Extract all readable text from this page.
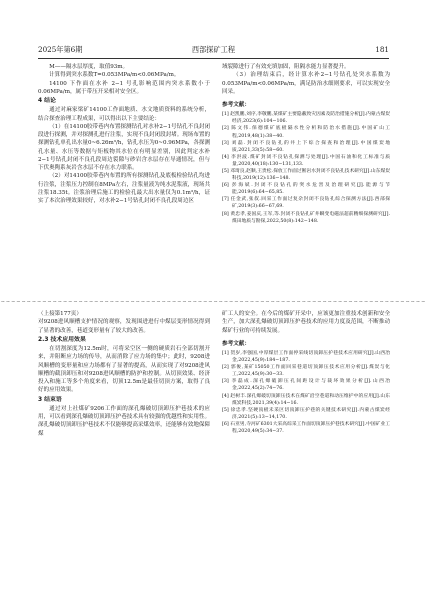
2025年第6期	西部探矿工程	181

M——隔水层厚度，取值93m。

计算得到突水系数T=0.053MPa/m<0.06MPa/m。

14100 下作面在水补 2−1 号孔影响范围内突水系数小于0.06MPa/m，属于带压开采相对安全区。

4 结论

通过对麻家梁矿14100工作面地质、水文地质资料的系统分析，结合探查治理工程成果，可以得出以下主要结论：

（1）在14100胶带巷内布置探测钻孔对水补2−1号钻孔不良封闭段进行探测，并对探测孔进行注浆，实现不良封闭段封堵。现场布置的探测钻孔单孔出水量0~6.26m³/h，钻孔水压为0~0.96MPa，各探测孔水量、水压等数据与矩板物其水位在有明显差别，因此判定水补2−1号钻孔封闭不良孔段周边裂隙与砂岩含水层存在导通情况，但与下伏奥陶系灰岩含水层不存在水力联系。

（2）对14100胶带巷内布置的所有探测钻孔及底板检验钻孔均进行注浆，注浆压力控制在8MPa左右，注浆量液为纯水泥浆液，现场共注浆18.35t。注浆治理后施工的检验孔最大出水量仅为0.1m³/h，证实了本次治理效果较好，对水补2−1号钻孔封闭不良孔段周边区

域裂隙进行了有效充填加固，阻隔水能力显著提升。

（3）治理结束后，经计算水补2−1号钻孔处突水系数为0.053MPa/m<0.06MPa/m，满足防治水细则要求，可以实现安全回采。

参考文献：

[1] 赵凯鹏,刘序,李敬鹏,某煤矿主要隐蔽致灾因素及防治措施分析[J].内蒙古煤炭经济,2023(6):104−106.

[2] 陈文伟.保德煤矿底板隔水性分析和防治水措施[J].中国矿山工程,2019,48(1):38−40.

[3] 刘磊.封闭不良钻孔的井上下综合探查和治理[J].中国煤炭地质,2021,33(5):58−60.

[4] 李洪波.煤矿封闭不良钻孔探测与处理[J].中国石油和化工标准与质量,2020,40(18):130−131,133.

[5] 邓琦良,赵顺,王贵松.探放工作面过断岩水封闭不良钻孔技术研究[J].山东煤炭科技,2019(12):136−148.

[6] 彭海斌.封闭不良钻孔的突水危害及治理研究[J].能源与节能,2019(6):64−65,85.

[7] 任金武,张叔.回采工作面过复杂封闭不良钻孔综合探测方法[J].西部探矿,2019(3):66−67,69.

[8] 黄忠孝,姜国庆,王军,等.封闭不良钻孔矿井瞬变电磁法超前精细探测研究[J].煤田地质与勘探,2022,50(8):142−148.

∽∽∽∽∽∽∽∽∽∽∽∽∽∽∽∽∽∽∽∽∽∽∽∽∽∽∽∽∽∽∽∽∽∽∽∽∽∽∽∽∽∽∽∽∽∽∽∽∽∽∽∽∽∽∽∽∽∽∽∽∽∽∽∽∽∽∽∽∽∽∽∽∽∽∽∽∽∽∽∽∽∽

（上接第177页）

对9208进风顺槽支护情况的观察，发现围进进行中煤层变形情况得到了显著的改善，巷道变形量有了较大的改善。

2.3 技术应用效果

在切割深度为12.5m时，可将采空区一侧的硬质岩石全部切割开来，并阻断应力场的传导，从而消除了应力场的集中；此时，9208进风顺槽的变形量和应力场都有了显著的提高，从而实现了对9208进风顺槽的截顶卸压和对9208进风顺槽的防护和控制。从切顶效果、经济投入和施工等多个角度来看，切顶12.5m是最佳切顶方案，取得了良好的应用效果。

3 结束语

通过对上社煤矿9206工作面的深孔爆破切顶卸压护巷技术的应用，可以看到深孔爆破切顶卸压护巷技术具有较强的优越性和实用性。深孔爆破切顶卸压护巷技术不仅能够提高采煤效率，还能够有效地保障煤

矿工人的安全。在今后的煤矿开采中，应该更加注重技术创新和安全生产，加大深孔爆破切顶卸压护巷技术的应用力度及范围，不断推动煤矿行业的可持续发展。

参考文献：

[1] 贺岁,李强国,中厚煤层工作面停采线切顶卸压护巷技术应用研究[J].山西冶金,2022,45(9):184−187.

[2] 郭俊,某矿15050工作面回采巷道切顶卸压技术应用分析[J].煤炭与化工,2022,45(9):30−33.

[3] 李磊成.深孔爆破卸压孔间距设计与裁坏效果分析[J].山西冶金,2022,45(2):74−76.

[4] 赵树丰.深孔爆破切顶卸压技术在煤矿沿空巷道和动压维护中的应用[J].山东煤炭科技,2021,39(4):14−16.

[5] 徐忠孝.坚硬顶板未采区切顶卸压护巷的关键技术研究[J].内蒙古煤炭经济,2021(5):13−14,170.

[6] 石亚男,寺河矿6301大采高综采工作面切顶卸压护巷技术研究[J].中国矿业工程,2020,49(5):34−37.
